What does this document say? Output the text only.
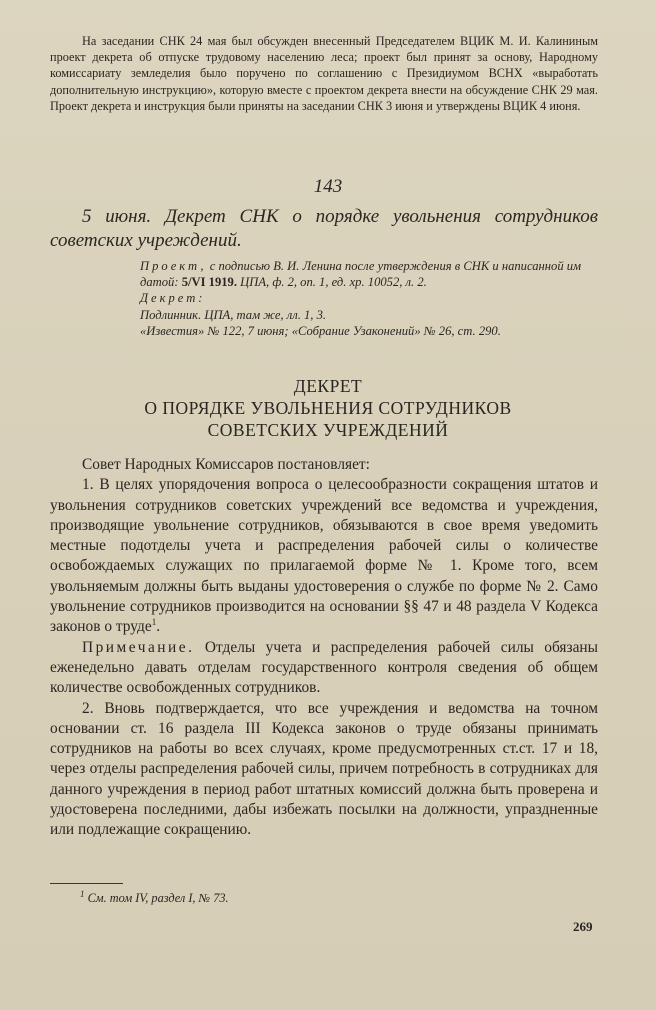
На заседании СНК 24 мая был обсужден внесенный Председателем ВЦИК М. И. Калининым проект декрета об отпуске трудовому населению леса; проект был принят за основу, Народному комиссариату земледелия было поручено по соглашению с Президиумом ВСНХ «выработать дополнительную инструкцию», которую вместе с проектом декрета внести на обсуждение СНК 29 мая. Проект декрета и инструкция были приняты на заседании СНК 3 июня и утверждены ВЦИК 4 июня.

143

5 июня. Декрет СНК о порядке увольнения сотрудников советских учреждений.

Проект, с подписью В. И. Ленина после утверждения в СНК и написанной им датой: 5/VI 1919. ЦПА, ф. 2, оп. 1, ед. хр. 10052, л. 2.

Декрет:

Подлинник. ЦПА, там же, лл. 1, 3.

«Известия» № 122, 7 июня; «Собрание Узаконений» № 26, ст. 290.

ДЕКРЕТ
О ПОРЯДКЕ УВОЛЬНЕНИЯ СОТРУДНИКОВ
СОВЕТСКИХ УЧРЕЖДЕНИЙ

Совет Народных Комиссаров постановляет:

1. В целях упорядочения вопроса о целесообразности сокращения штатов и увольнения сотрудников советских учреждений все ведомства и учреждения, производящие увольнение сотрудников, обязываются в свое время уведомить местные подотделы учета и распределения рабочей силы о количестве освобождаемых служащих по прилагаемой форме № 1. Кроме того, всем увольняемым должны быть выданы удостоверения о службе по форме № 2. Само увольнение сотрудников производится на основании §§ 47 и 48 раздела V Кодекса законов о труде$^1$.

Примечание. Отделы учета и распределения рабочей силы обязаны еженедельно давать отделам государственного контроля сведения об общем количестве освобожденных сотрудников.

2. Вновь подтверждается, что все учреждения и ведомства на точном основании ст. 16 раздела III Кодекса законов о труде обязаны принимать сотрудников на работы во всех случаях, кроме предусмотренных ст.ст. 17 и 18, через отделы распределения рабочей силы, причем потребность в сотрудниках для данного учреждения в период работ штатных комиссий должна быть проверена и удостоверена последними, дабы избежать посылки на должности, упраздненные или подлежащие сокращению.

$^1$ См. том IV, раздел I, № 73.
269
